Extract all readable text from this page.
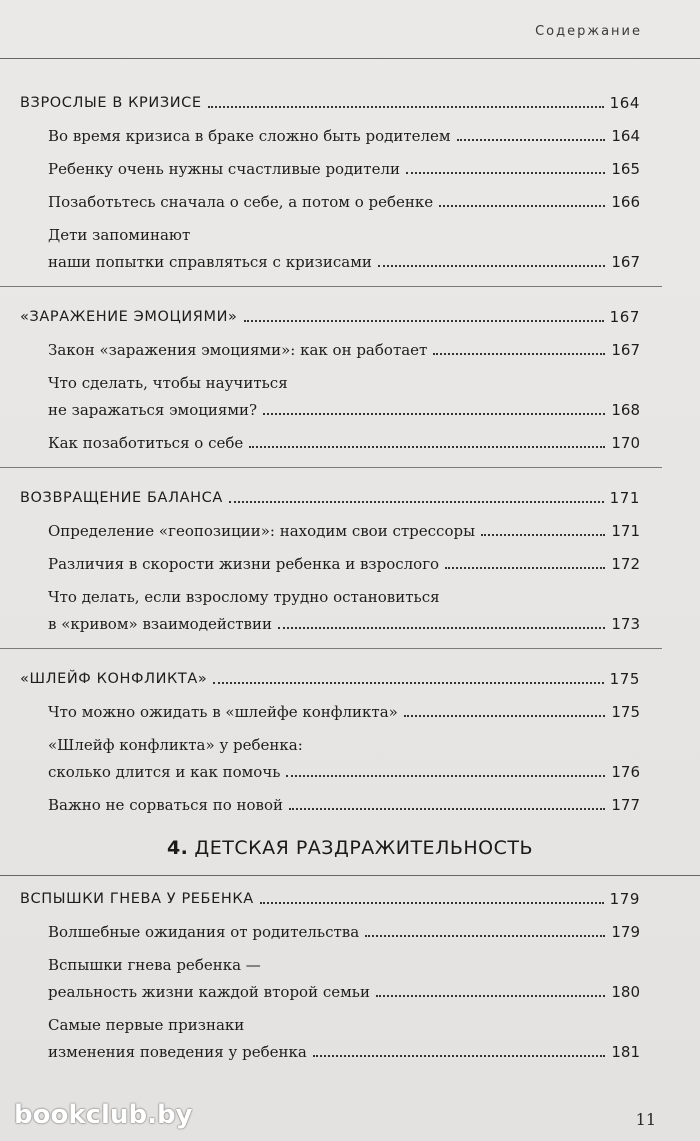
Содержание
ВЗРОСЛЫЕ В КРИЗИСЕ	164
Во время кризиса в браке сложно быть родителем	164
Ребенку очень нужны счастливые родители	165
Позаботьтесь сначала о себе, а потом о ребенке	166
Дети запоминают
наши попытки справляться с кризисами	167
«ЗАРАЖЕНИЕ ЭМОЦИЯМИ»	167
Закон «заражения эмоциями»: как он работает	167
Что сделать, чтобы научиться
не заражаться эмоциями?	168
Как позаботиться о себе	170
ВОЗВРАЩЕНИЕ БАЛАНСА	171
Определение «геопозиции»: находим свои стрессоры	171
Различия в скорости жизни ребенка и взрослого	172
Что делать, если взрослому трудно остановиться
в «кривом» взаимодействии	173
«ШЛЕЙФ КОНФЛИКТА»	175
Что можно ожидать в «шлейфе конфликта»	175
«Шлейф конфликта» у ребенка:
сколько длится и как помочь	176
Важно не сорваться по новой	177
4. ДЕТСКАЯ РАЗДРАЖИТЕЛЬНОСТЬ
ВСПЫШКИ ГНЕВА У РЕБЕНКА	179
Волшебные ожидания от родительства	179
Вспышки гнева ребенка —
реальность жизни каждой второй семьи	180
Самые первые признаки
изменения поведения у ребенка	181
bookclub.by	11
